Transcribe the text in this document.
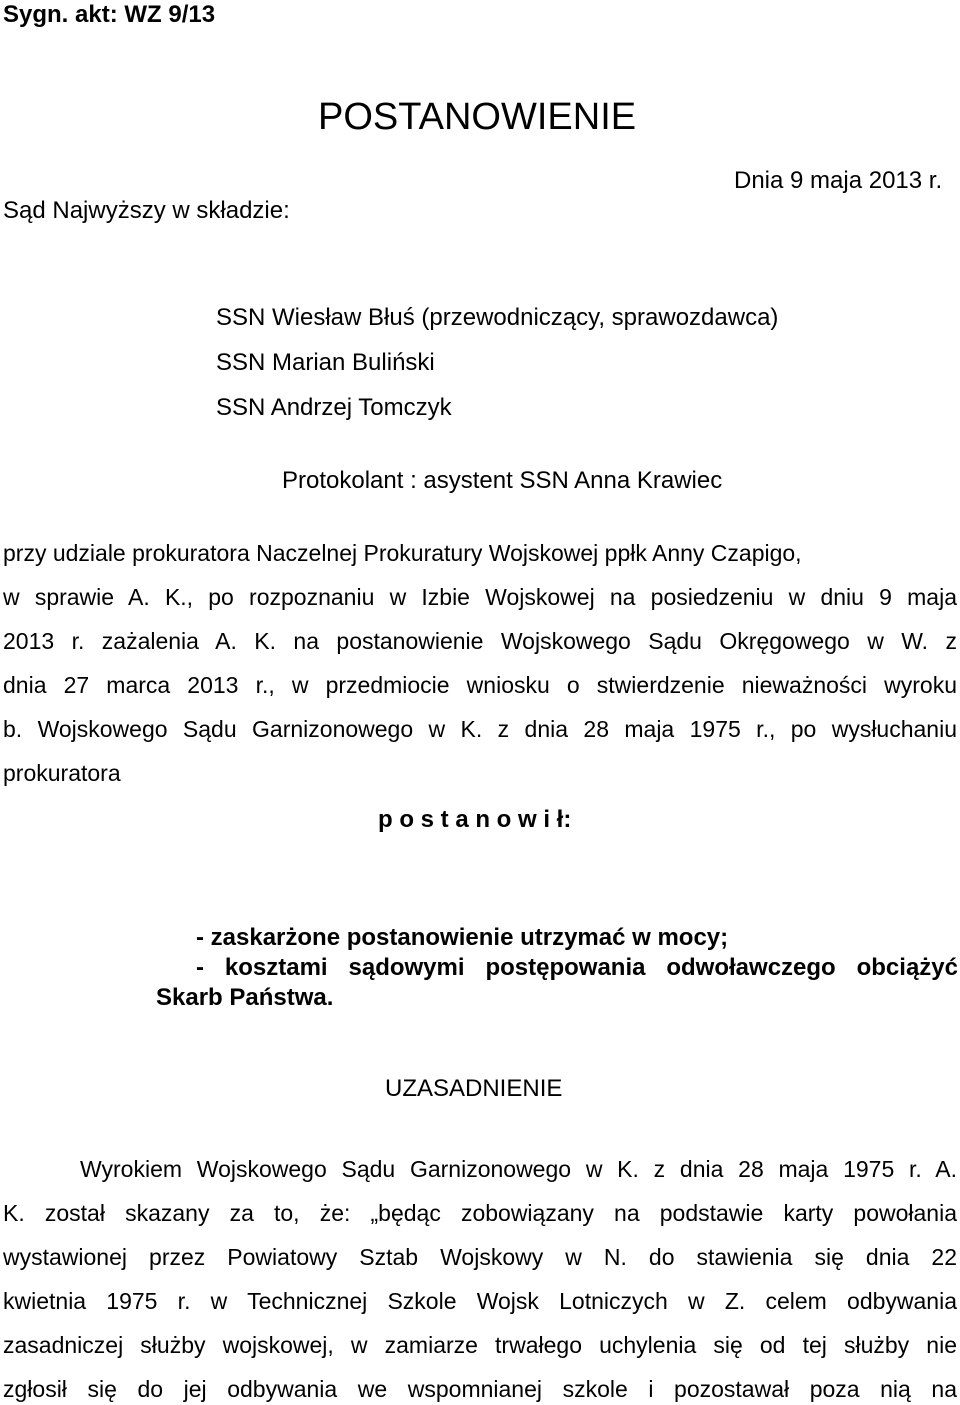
Sygn. akt: WZ 9/13
POSTANOWIENIE
Dnia 9 maja 2013 r.
Sąd Najwyższy w składzie:
SSN Wiesław Błuś (przewodniczący, sprawozdawca)
SSN Marian Buliński
SSN Andrzej Tomczyk
Protokolant : asystent SSN Anna Krawiec
przy udziale prokuratora Naczelnej Prokuratury Wojskowej ppłk Anny Czapigo,
w sprawie A. K., po rozpoznaniu w Izbie Wojskowej na posiedzeniu w dniu 9 maja
2013 r. zażalenia A. K. na postanowienie Wojskowego Sądu Okręgowego w W. z
dnia 27 marca 2013 r., w przedmiocie wniosku o stwierdzenie nieważności wyroku
b. Wojskowego Sądu Garnizonowego w K. z dnia 28 maja 1975 r., po wysłuchaniu
prokuratora
p o s t a n o w i ł:
- zaskarżone postanowienie utrzymać w mocy;
- kosztami sądowymi postępowania odwoławczego obciążyć
Skarb Państwa.
UZASADNIENIE
Wyrokiem Wojskowego Sądu Garnizonowego w K. z dnia 28 maja 1975 r. A.
K. został skazany za to, że: „będąc zobowiązany na podstawie karty powołania
wystawionej przez Powiatowy Sztab Wojskowy w N. do stawienia się dnia 22
kwietnia 1975 r. w Technicznej Szkole Wojsk Lotniczych w Z. celem odbywania
zasadniczej służby wojskowej, w zamiarze trwałego uchylenia się od tej służby nie
zgłosił się do jej odbywania we wspomnianej szkole i pozostawał poza nią na
